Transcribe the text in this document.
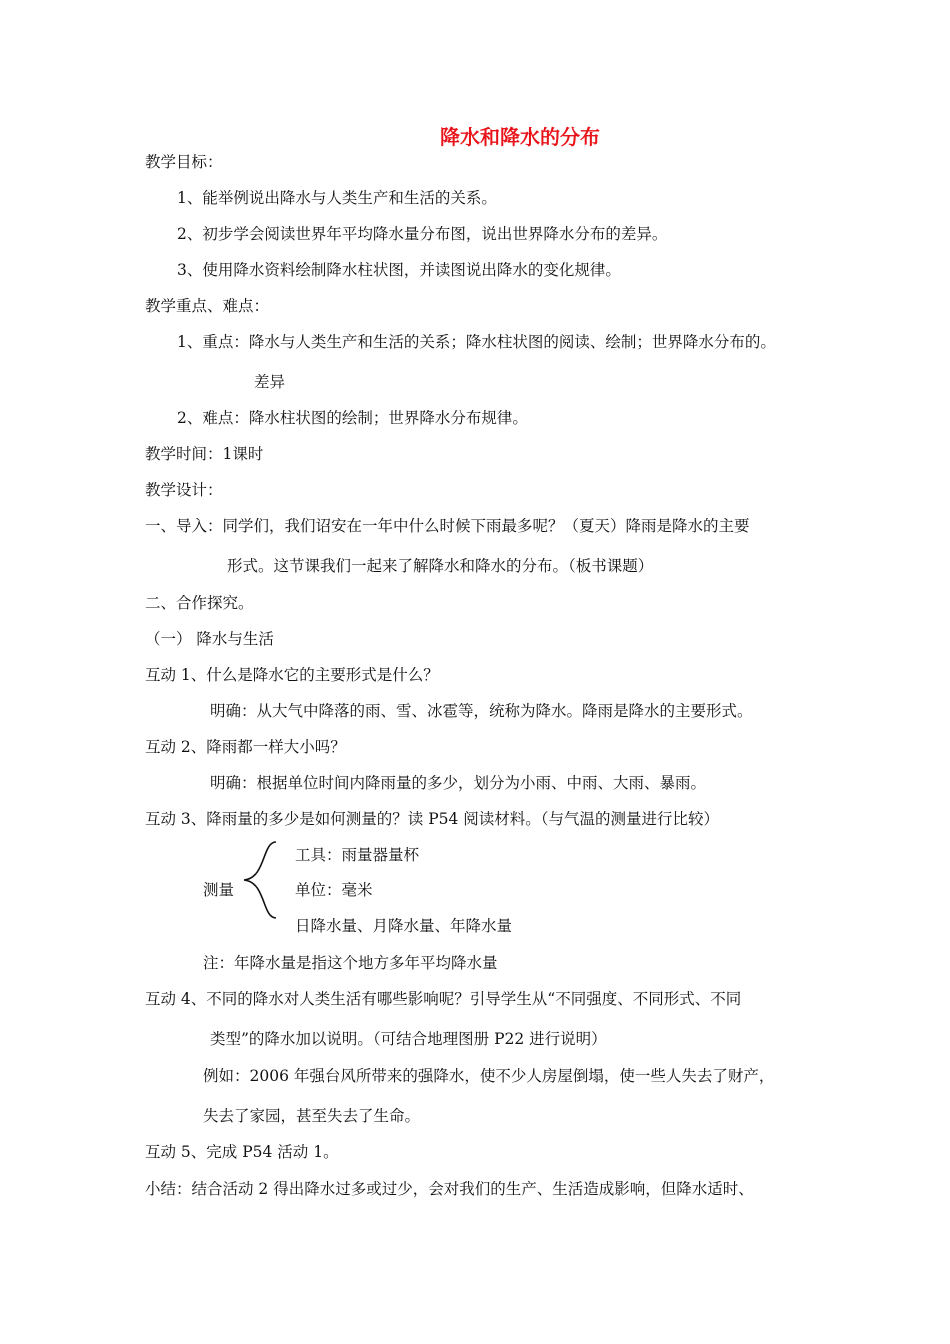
降水和降水的分布
教学目标：
1、能举例说出降水与人类生产和生活的关系。
2、初步学会阅读世界年平均降水量分布图，说出世界降水分布的差异。
3、使用降水资料绘制降水柱状图，并读图说出降水的变化规律。
教学重点、难点：
1、重点：降水与人类生产和生活的关系；降水柱状图的阅读、绘制；世界降水分布的。
差异
2、难点：降水柱状图的绘制；世界降水分布规律。
教学时间：1课时
教学设计：
一、导入：同学们，我们诏安在一年中什么时候下雨最多呢？（夏天）降雨是降水的主要
形式。这节课我们一起来了解降水和降水的分布。（板书课题）
二、合作探究。
（一） 降水与生活
互动 1、什么是降水它的主要形式是什么？
明确：从大气中降落的雨、雪、冰雹等，统称为降水。降雨是降水的主要形式。
互动 2、降雨都一样大小吗？
明确：根据单位时间内降雨量的多少，划分为小雨、中雨、大雨、暴雨。
互动 3、降雨量的多少是如何测量的？读 P54 阅读材料。（与气温的测量进行比较）
测量
工具：雨量器量杯
单位：毫米
日降水量、月降水量、年降水量
注：年降水量是指这个地方多年平均降水量
互动 4、不同的降水对人类生活有哪些影响呢？引导学生从“不同强度、不同形式、不同
类型”的降水加以说明。（可结合地理图册 P22 进行说明）
例如：2006 年强台风所带来的强降水，使不少人房屋倒塌，使一些人失去了财产，
失去了家园，甚至失去了生命。
互动 5、完成 P54 活动 1。
小结：结合活动 2 得出降水过多或过少，会对我们的生产、生活造成影响，但降水适时、
